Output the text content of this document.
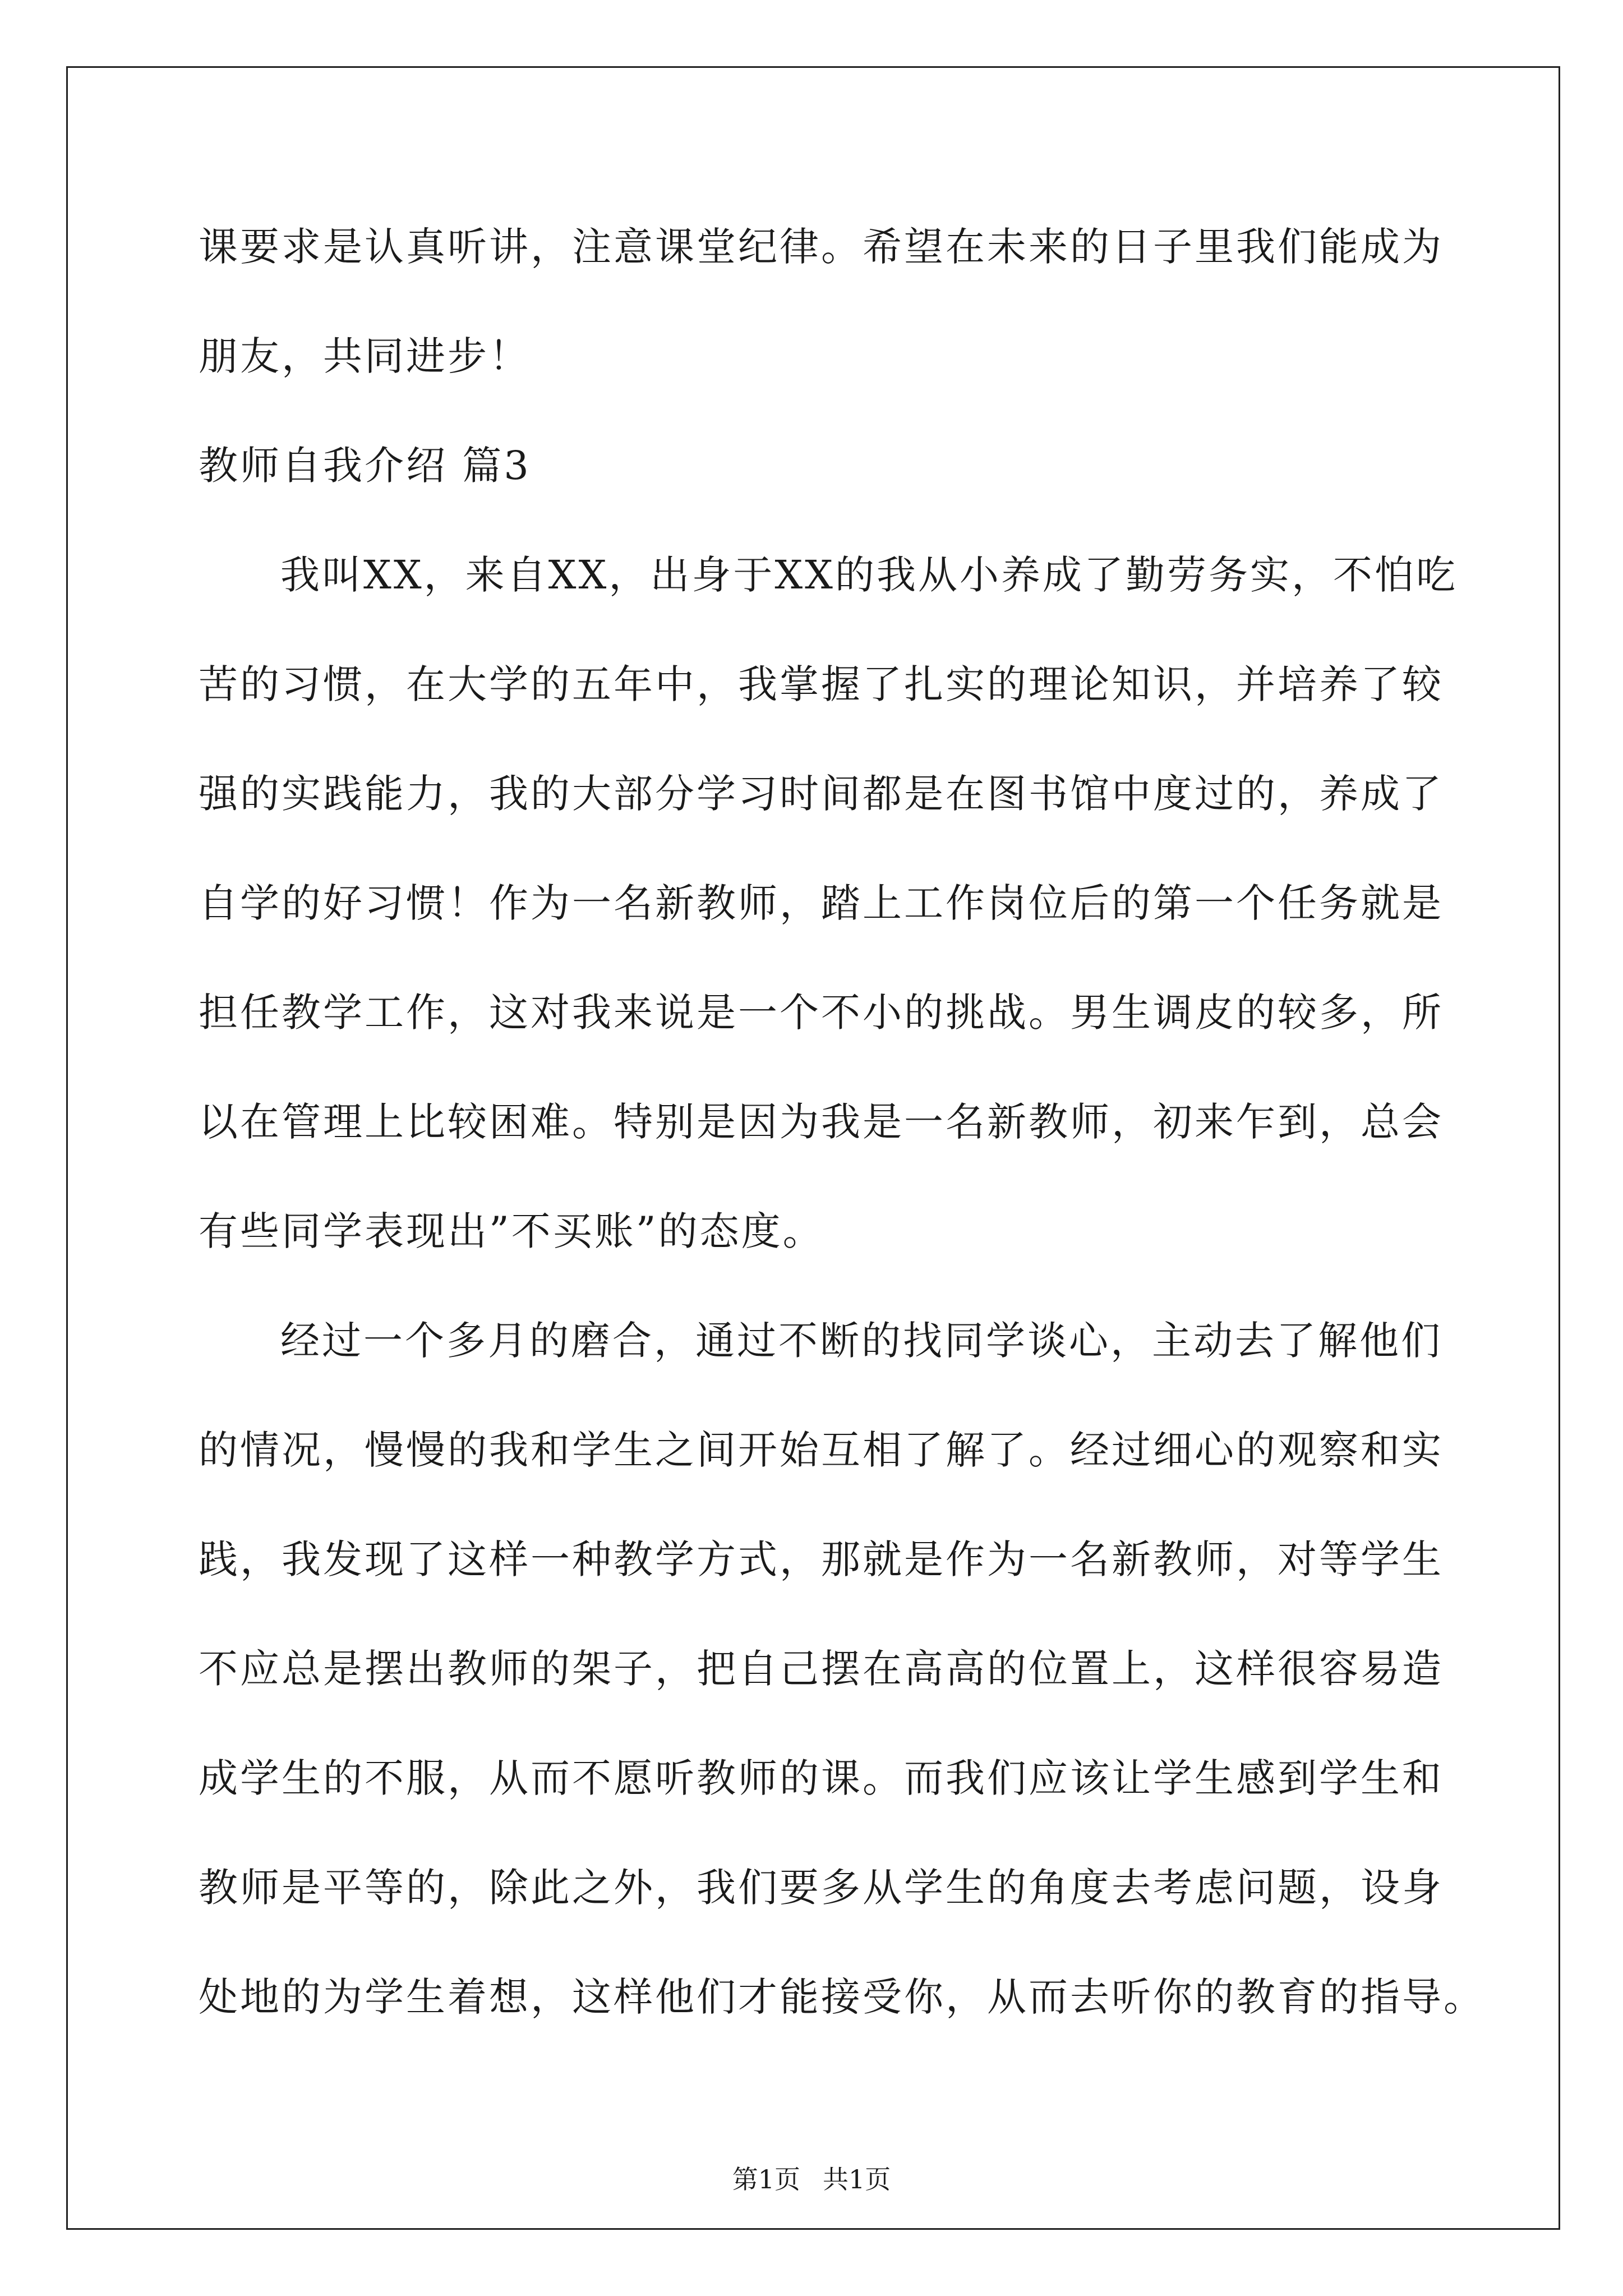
课要求是认真听讲，注意课堂纪律。希望在未来的日子里我们能成为
朋友，共同进步！
教师自我介绍 篇3
我叫XX，来自XX，出身于XX的我从小养成了勤劳务实，不怕吃
苦的习惯，在大学的五年中，我掌握了扎实的理论知识，并培养了较
强的实践能力，我的大部分学习时间都是在图书馆中度过的，养成了
自学的好习惯！作为一名新教师，踏上工作岗位后的第一个任务就是
担任教学工作，这对我来说是一个不小的挑战。男生调皮的较多，所
以在管理上比较困难。特别是因为我是一名新教师，初来乍到，总会
有些同学表现出”不买账”的态度。
经过一个多月的磨合，通过不断的找同学谈心，主动去了解他们
的情况，慢慢的我和学生之间开始互相了解了。经过细心的观察和实
践，我发现了这样一种教学方式，那就是作为一名新教师，对等学生
不应总是摆出教师的架子，把自己摆在高高的位置上，这样很容易造
成学生的不服，从而不愿听教师的课。而我们应该让学生感到学生和
教师是平等的，除此之外，我们要多从学生的角度去考虑问题，设身
处地的为学生着想，这样他们才能接受你，从而去听你的教育的指导。
第1页 共1页
